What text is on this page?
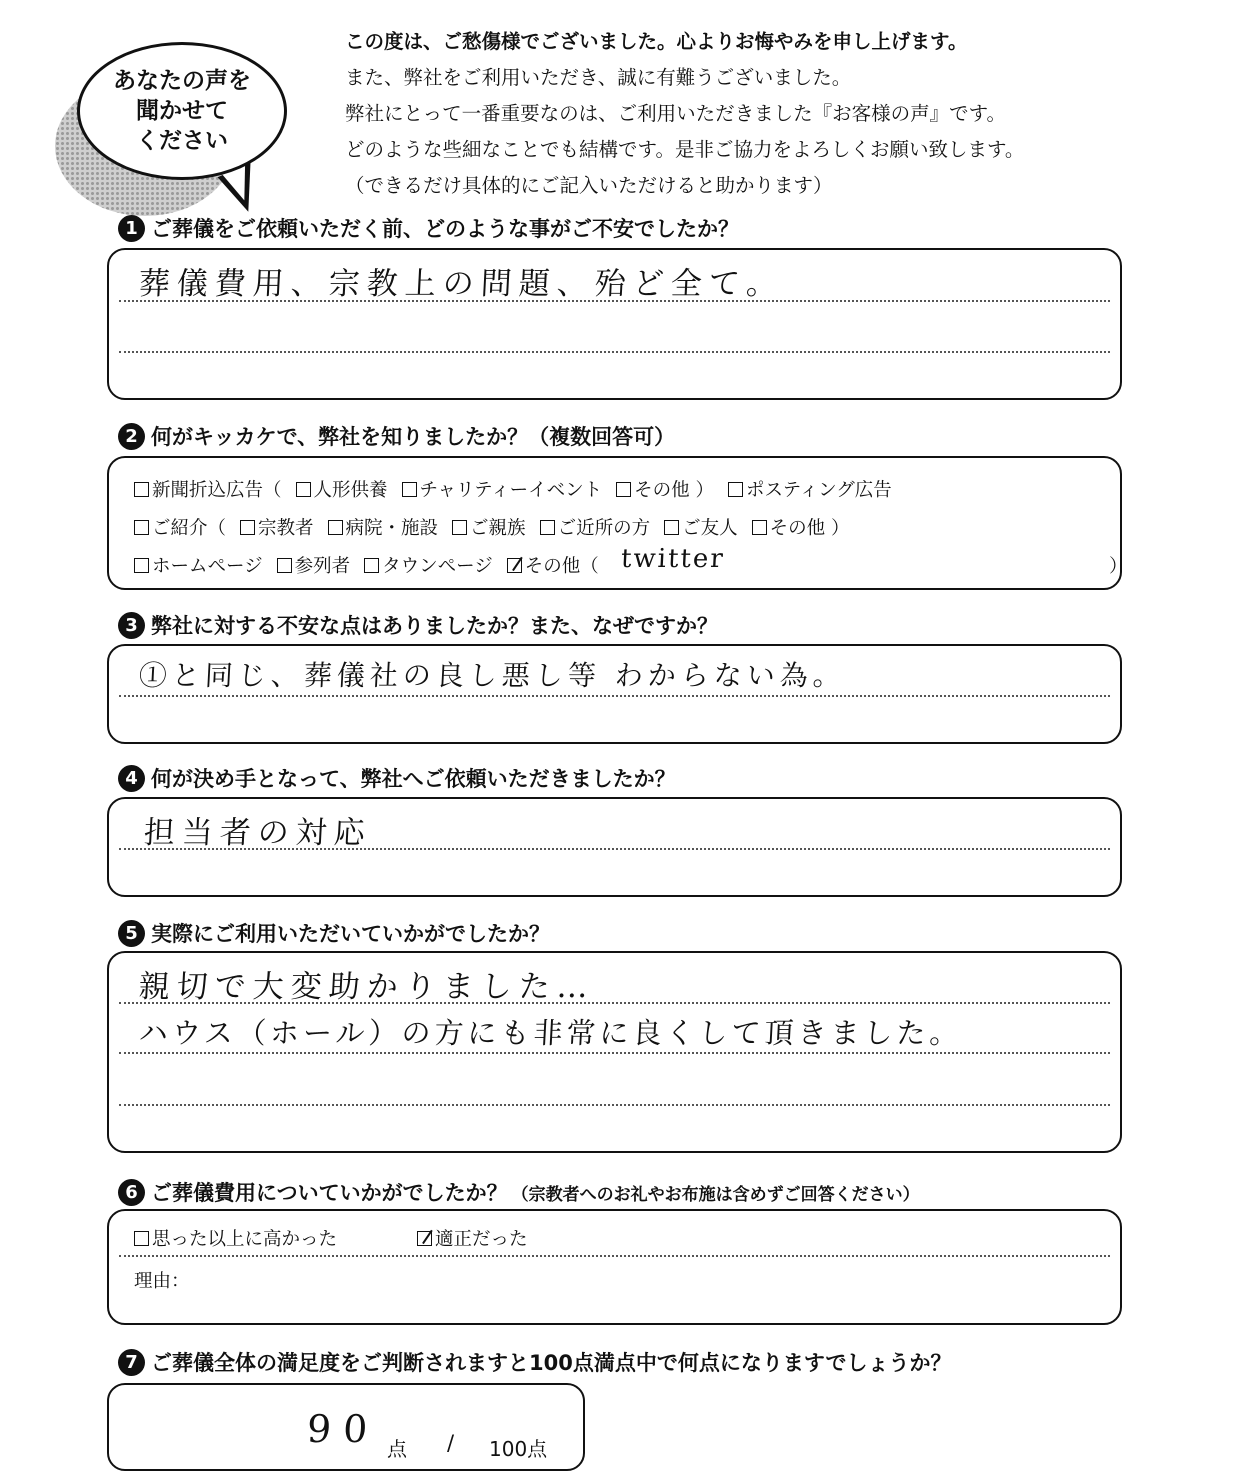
あなたの声を
聞かせて
ください
この度は、ご愁傷様でございました。心よりお悔やみを申し上げます。
また、弊社をご利用いただき、誠に有難うございました。
弊社にとって一番重要なのは、ご利用いただきました『お客様の声』です。
どのような些細なことでも結構です。是非ご協力をよろしくお願い致します。
（できるだけ具体的にご記入いただけると助かります）
1 ご葬儀をご依頼いただく前、どのような事がご不安でしたか？
葬儀費用、宗教上の問題、殆ど全て。
2 何がキッカケで、弊社を知りましたか？（複数回答可）
新聞折込広告（	人形供養	チャリティーイベント	その他 ）	ポスティング広告
ご紹介（	宗教者	病院・施設	ご親族	ご近所の方	ご友人	その他 ）
ホームページ	参列者	タウンページ	その他（ twitter	）
3 弊社に対する不安な点はありましたか？また、なぜですか？
①と同じ、葬儀社の良し悪し等 わからない為。
4 何が決め手となって、弊社へご依頼いただきましたか？
担当者の対応
5 実際にご利用いただいていかがでしたか？
親切で大変助かりました…
ハウス（ホール）の方にも非常に良くして頂きました。
6 ご葬儀費用についていかがでしたか？ （宗教者へのお礼やお布施は含めずご回答ください）
思った以上に高かった	適正だった
理由：
7 ご葬儀全体の満足度をご判断されますと100点満点中で何点になりますでしょうか？
90 点 / 100点
